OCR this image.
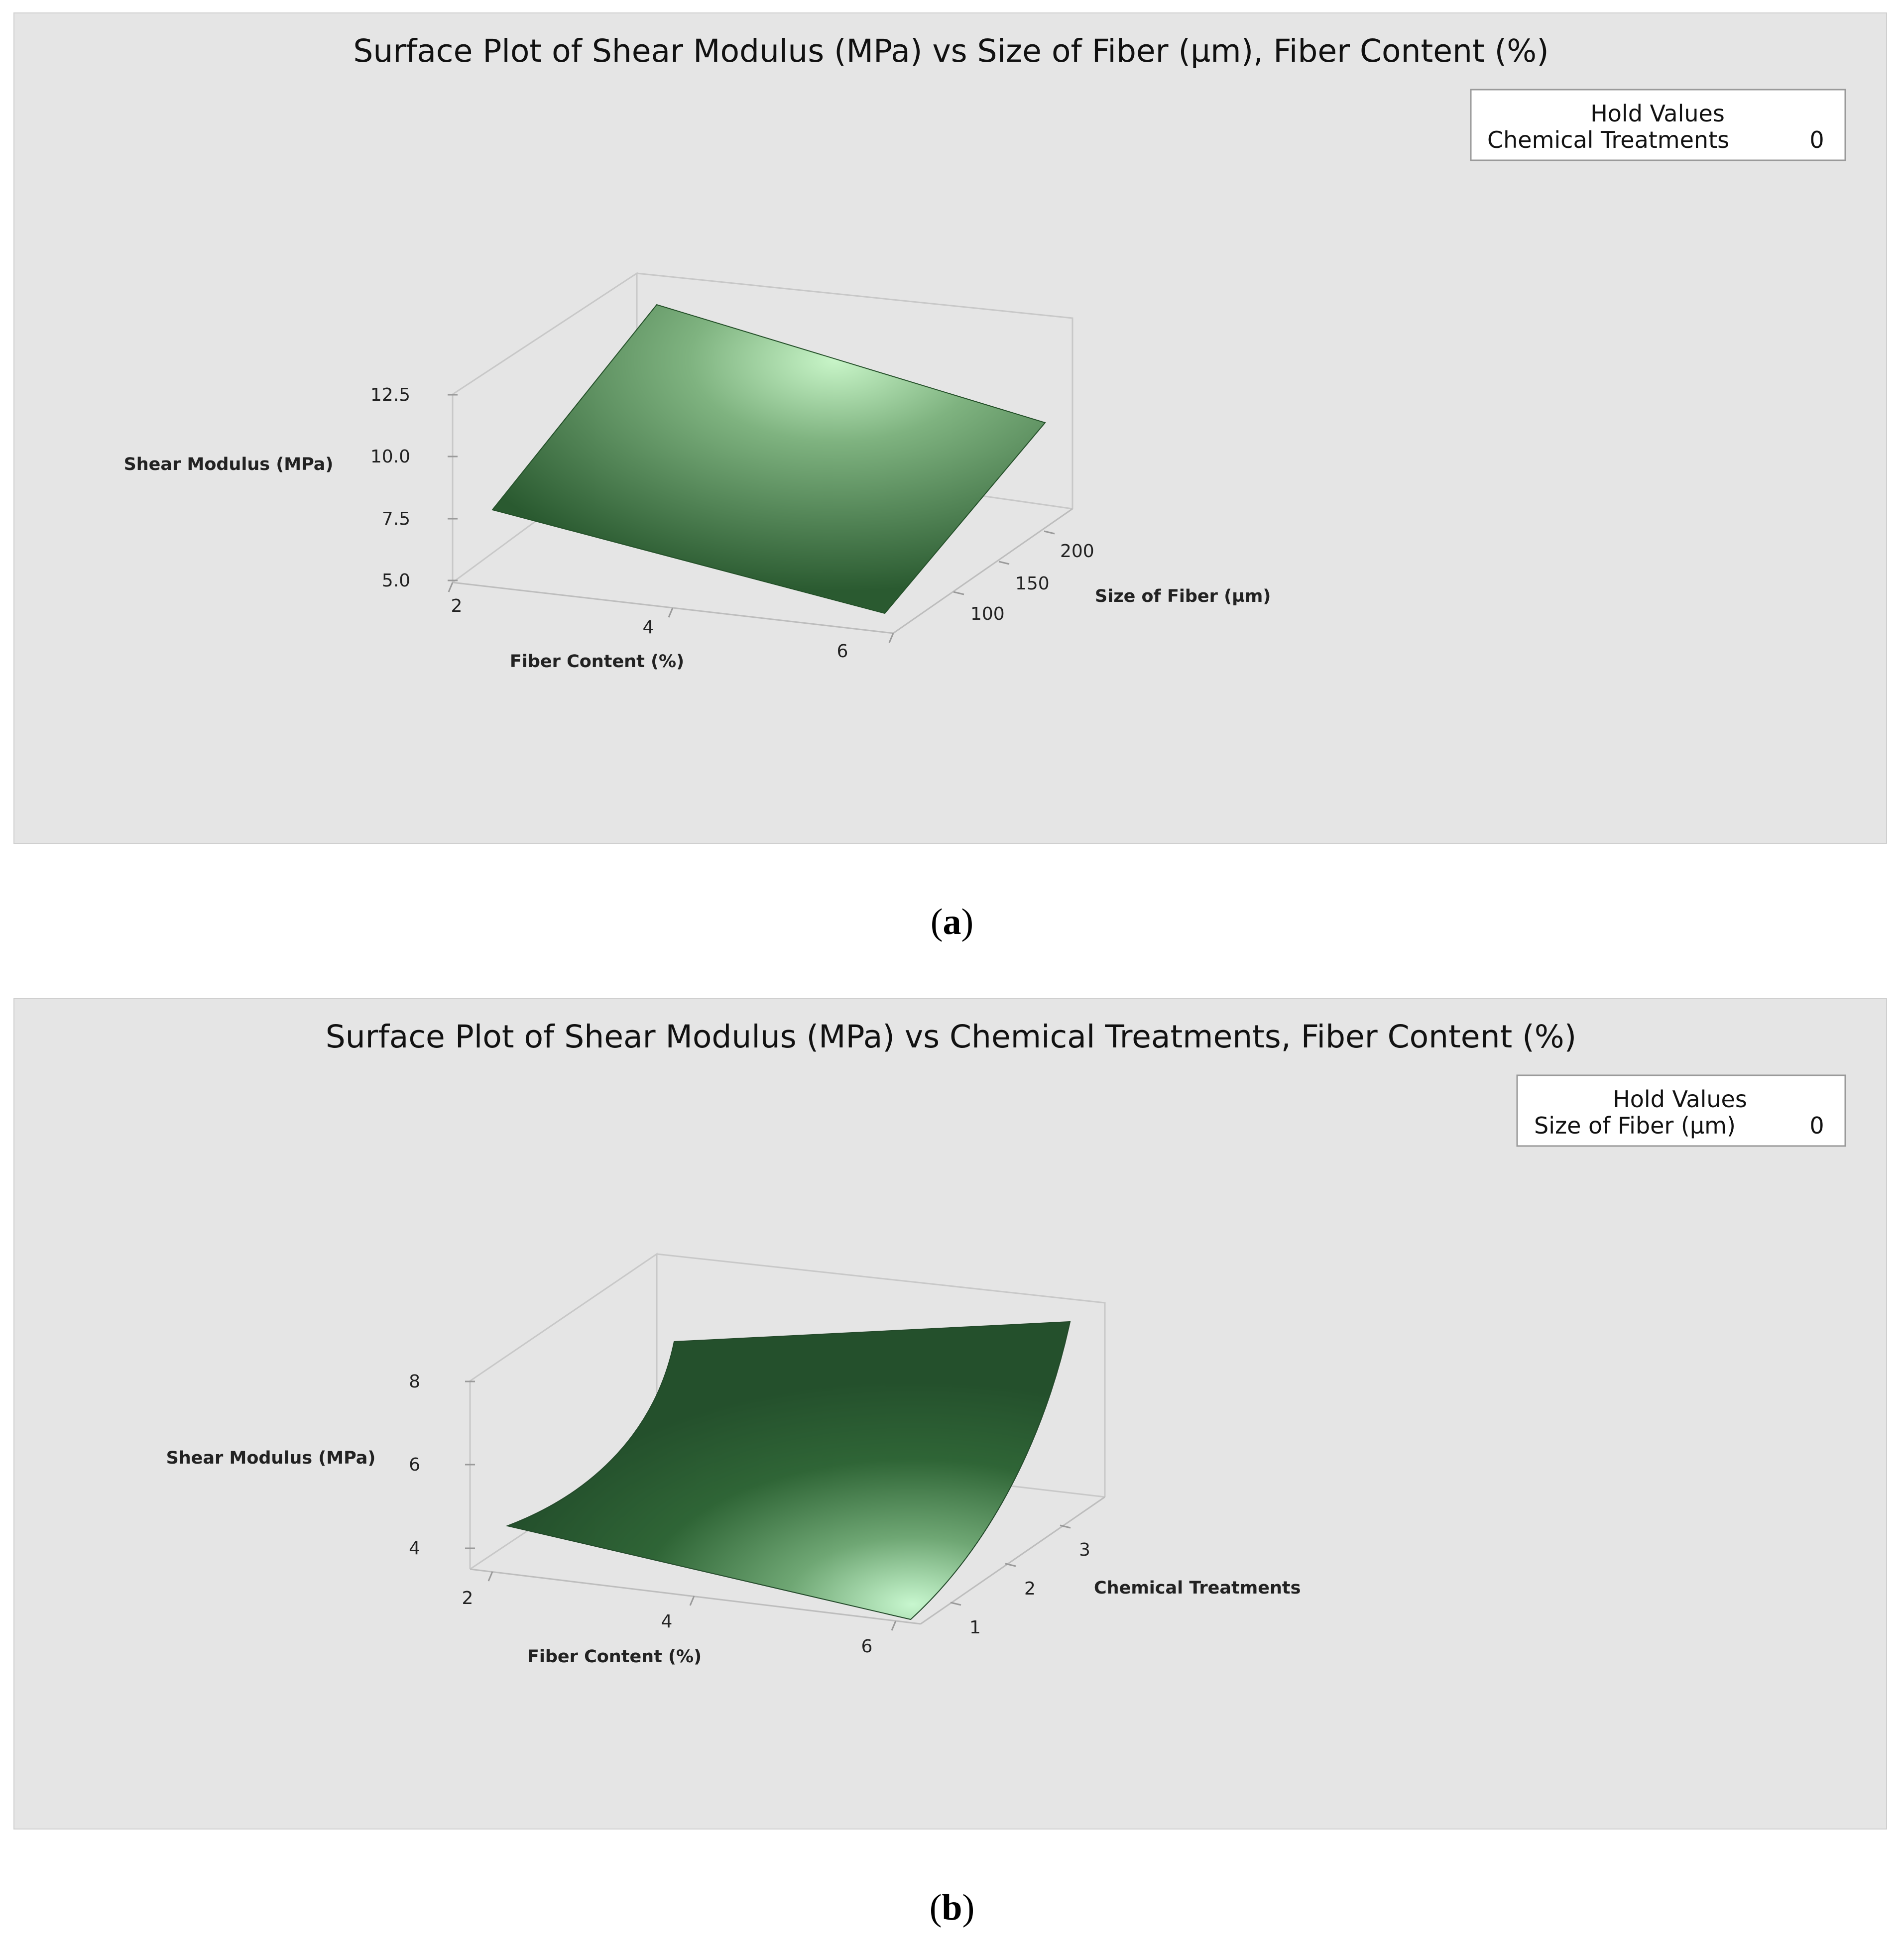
Surface Plot of Shear Modulus (MPa) vs Size of Fiber (µm), Fiber Content (%)
Hold Values
Chemical Treatments	0
12.5
10.0
7.5
5.0
Shear Modulus (MPa)
2
4
6
Fiber Content (%)
100
150
200
Size of Fiber (µm)
(a)
Surface Plot of Shear Modulus (MPa) vs Chemical Treatments, Fiber Content (%)
Hold Values
Size of Fiber (µm)	0
8
6
4
Shear Modulus (MPa)
2
4
6
Fiber Content (%)
1
2
3
Chemical Treatments
(b)
